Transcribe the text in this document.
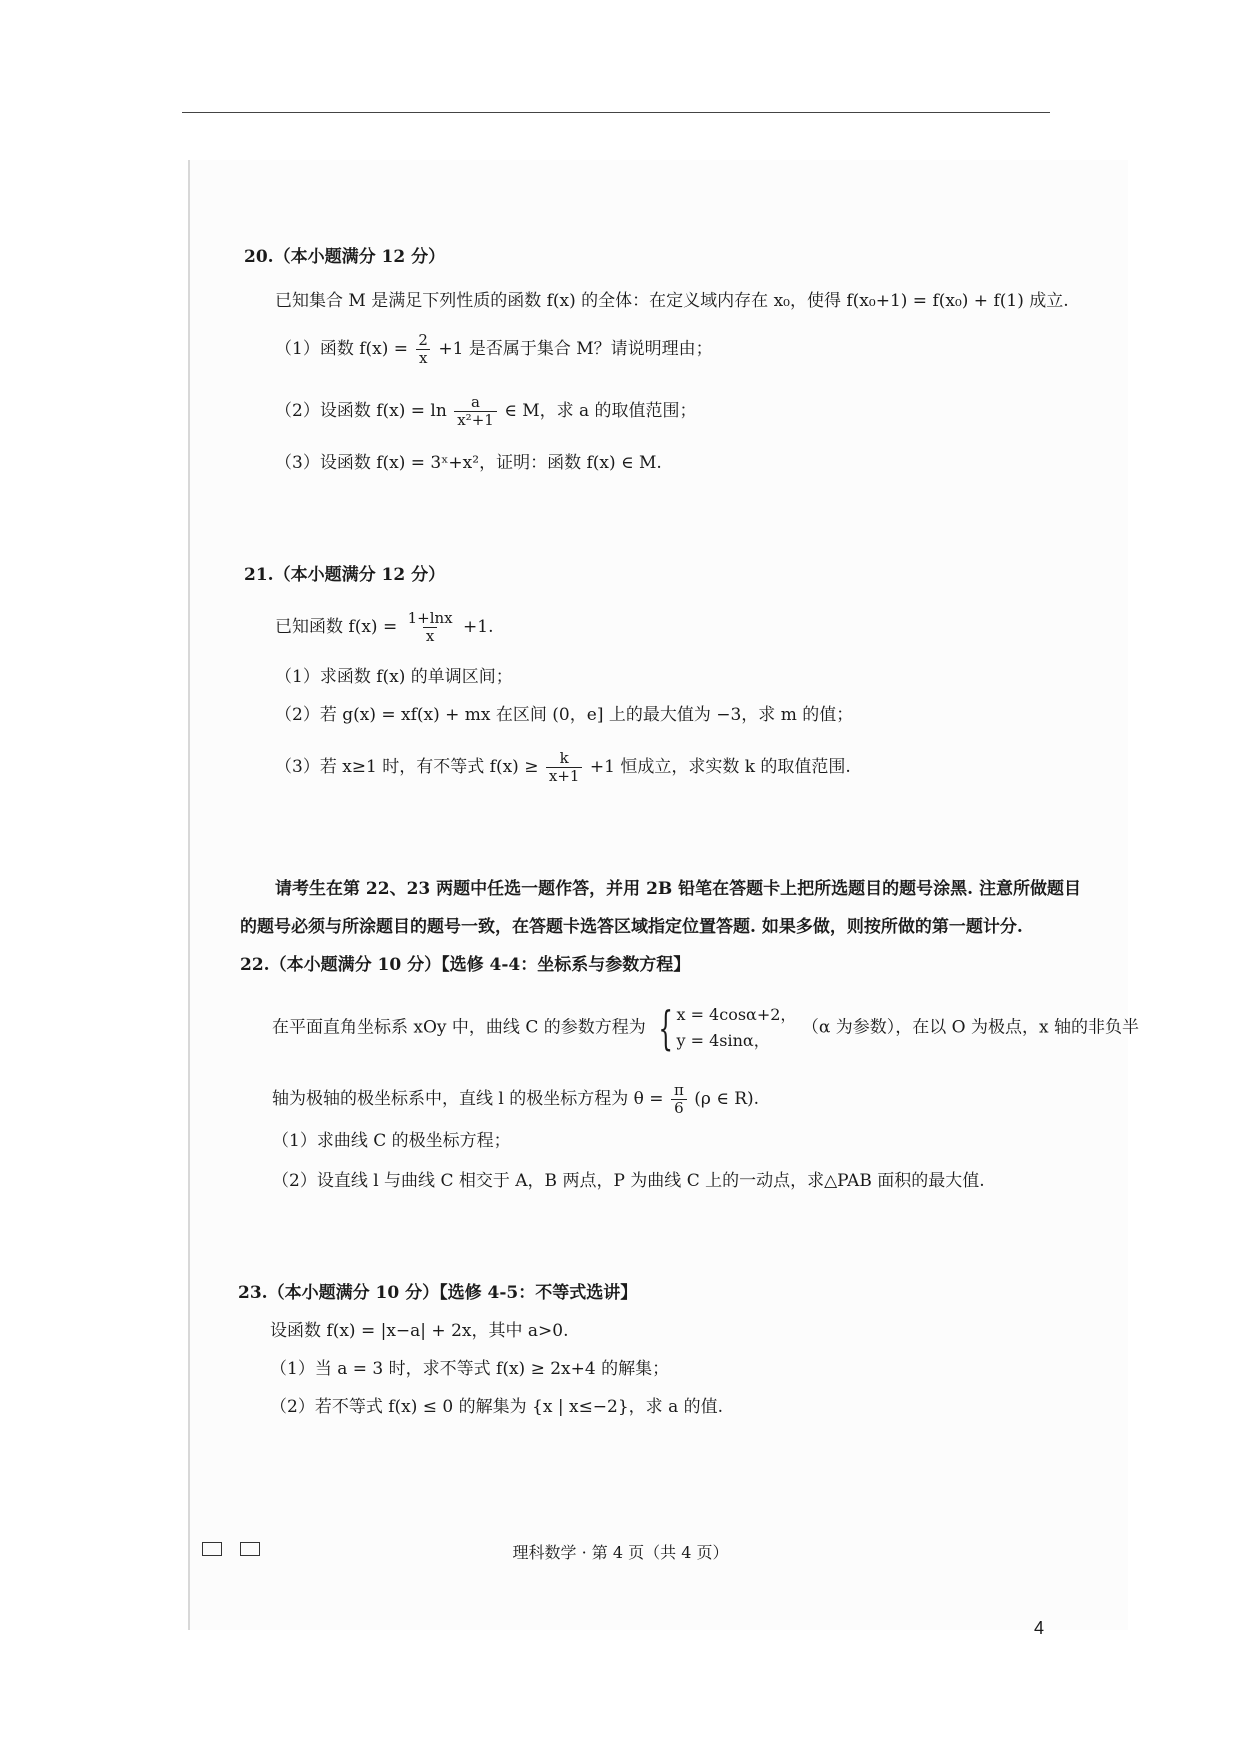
20.（本小题满分 12 分）
已知集合 M 是满足下列性质的函数 f(x) 的全体：在定义域内存在 x₀，使得 f(x₀+1) = f(x₀) + f(1) 成立.
（1）函数 $f(x) = \frac{2}{x} +1$ 是否属于集合 M？请说明理由；
（2）设函数 $f(x) = \ln \frac{a}{\text{x²+1}}$ ∈ M，求 a 的取值范围；
（3）设函数 f(x) = 3ˣ+x²，证明：函数 f(x) ∈ M.
21.（本小题满分 12 分）
已知函数 $f(x) = \frac{1+\ln x}{x} +1$.
（1）求函数 f(x) 的单调区间；
（2）若 g(x) = xf(x) + mx 在区间 (0，e] 上的最大值为 −3，求 m 的值；
（3）若 x≥1 时，有不等式 $f(x) \ge \frac{k}{x+1} +1$ 恒成立，求实数 k 的取值范围.
请考生在第 22、23 两题中任选一题作答，并用 2B 铅笔在答题卡上把所选题目的题号涂黑. 注意所做题目
的题号必须与所涂题目的题号一致，在答题卡选答区域指定位置答题. 如果多做，则按所做的第一题计分.
22.（本小题满分 10 分）【选修 4-4：坐标系与参数方程】
在平面直角坐标系 xOy 中，曲线 C 的参数方程为 { x = 4cosα+2，
y = 4sinα，
（α 为参数），在以 O 为极点，x 轴的非负半
轴为极轴的极坐标系中，直线 l 的极坐标方程为 $\theta = \frac{\pi}{6} (\rho$ ∈ R).
（1）求曲线 C 的极坐标方程；
（2）设直线 l 与曲线 C 相交于 A，B 两点，P 为曲线 C 上的一动点，求△PAB 面积的最大值.
23.（本小题满分 10 分）【选修 4-5：不等式选讲】
设函数 f(x) = |x−a| + 2x，其中 a>0.
（1）当 a = 3 时，求不等式 f(x) ≥ 2x+4 的解集；
（2）若不等式 f(x) ≤ 0 的解集为 {x | x≤−2}，求 a 的值.
理科数学 · 第 4 页（共 4 页）
4
